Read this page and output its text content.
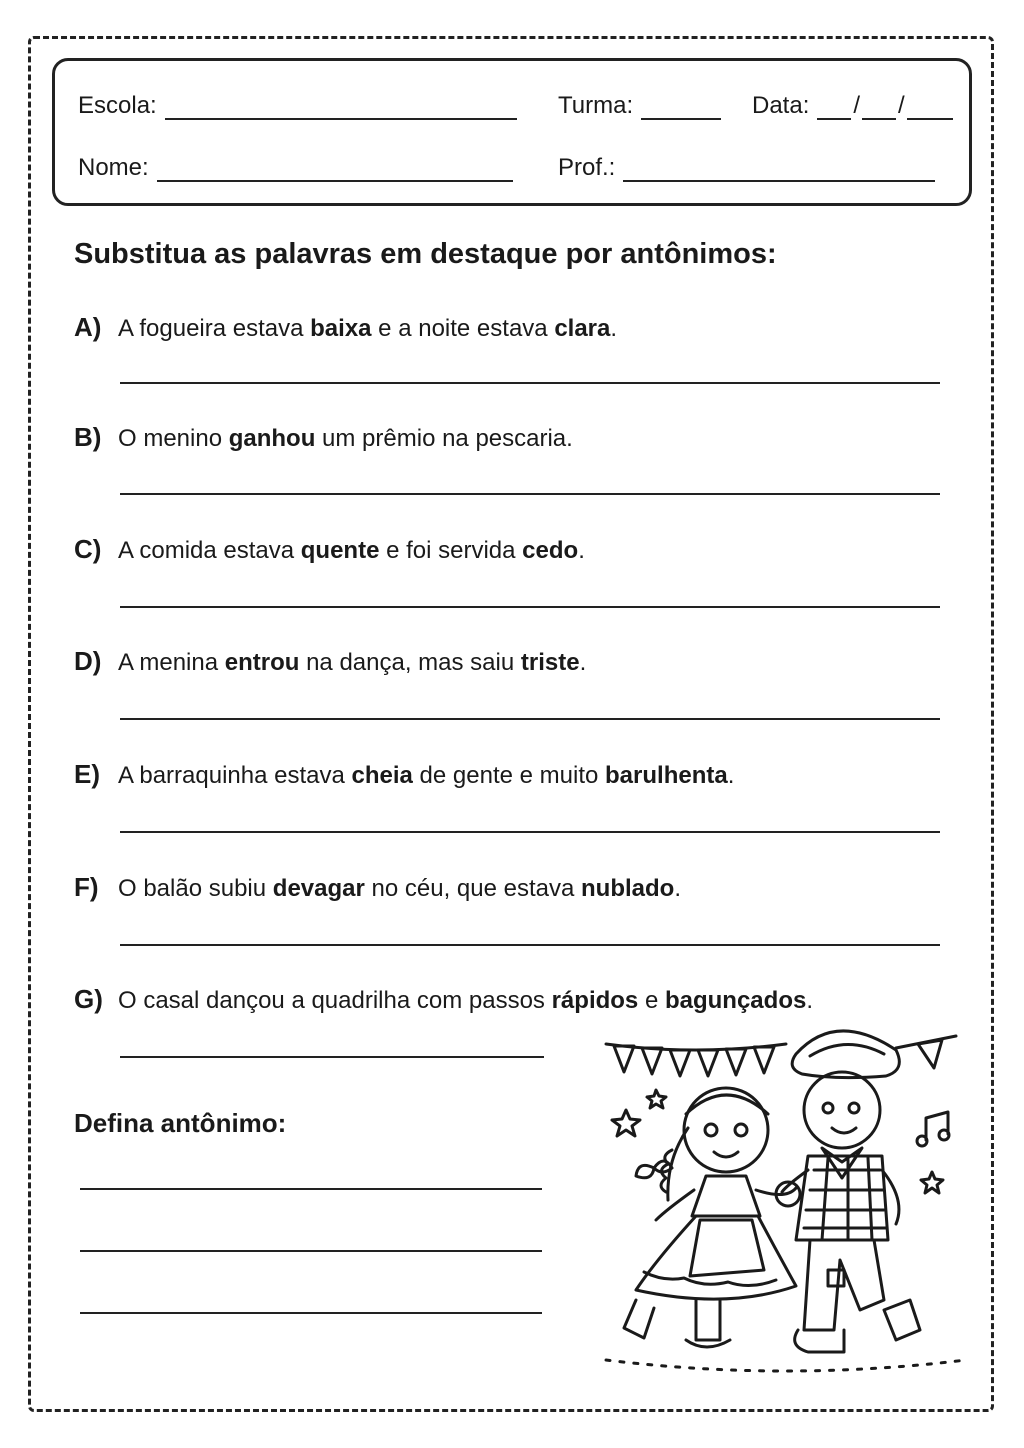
Escola:	Turma:	Data: / /
Nome:	Prof.:
Substitua as palavras em destaque por antônimos:
A) A fogueira estava baixa e a noite estava clara.
B) O menino ganhou um prêmio na pescaria.
C) A comida estava quente e foi servida cedo.
D) A menina entrou na dança, mas saiu triste.
E) A barraquinha estava cheia de gente e muito barulhenta.
F) O balão subiu devagar no céu, que estava nublado.
G) O casal dançou a quadrilha com passos rápidos e bagunçados.
Defina antônimo:
